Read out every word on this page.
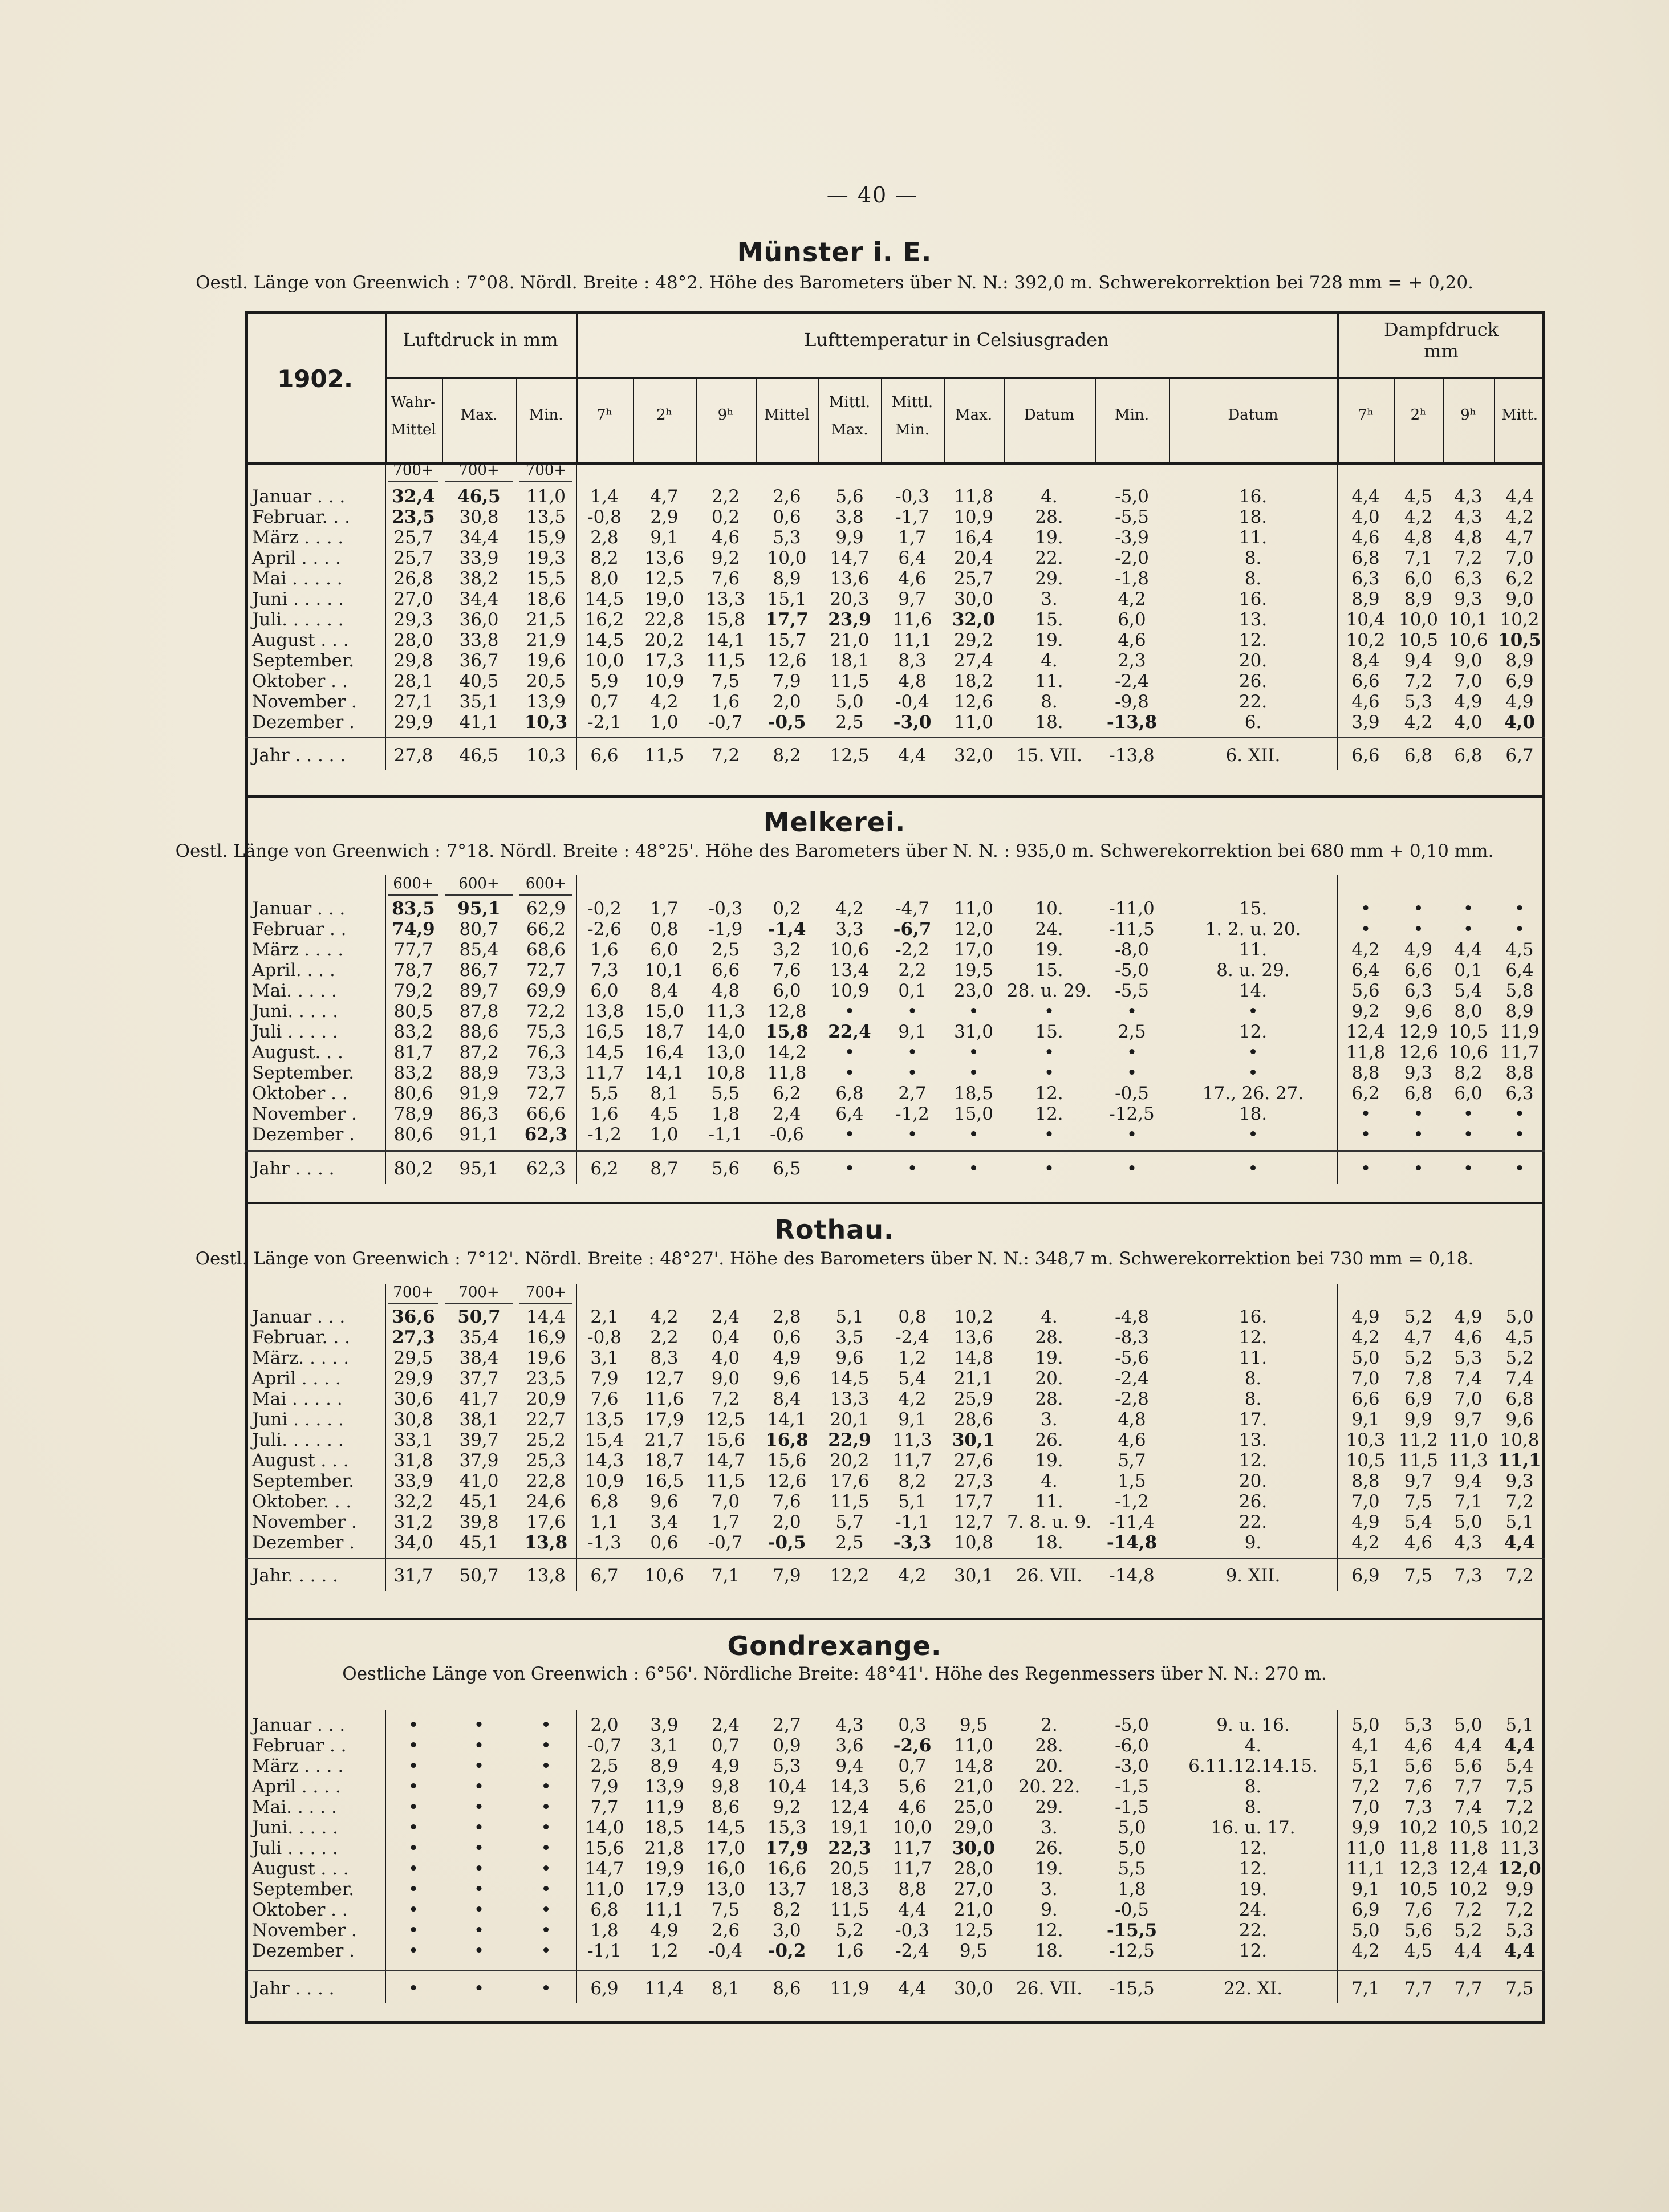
— 40 —
Luftdruck in mm	Lufttemperatur in Celsiusgraden	Dampfdruck
mm
1902.
Wahr-
Mittel
Max.	Min.	7ʰ	2ʰ	9ʰ	Mittel
Mittl.
Max.
Mittl.
Min.
Max.	Datum	Min.	Datum	7ʰ	2ʰ	9ʰ	Mitt.
Münster i. E.
Oestl. Länge von Greenwich : 7°08. Nördl. Breite : 48°2. Höhe des Barometers über N. N.: 392,0 m. Schwerekorrektion bei 728 mm = + 0,20.
700+	700+	700+
Januar . . .	32,4	46,5	11,0	1,4	4,7	2,2	2,6	5,6	-0,3	11,8	4.	-5,0	16.	4,4	4,5	4,3	4,4
Februar. . .	23,5	30,8	13,5	-0,8	2,9	0,2	0,6	3,8	-1,7	10,9	28.	-5,5	18.	4,0	4,2	4,3	4,2
März . . . .	25,7	34,4	15,9	2,8	9,1	4,6	5,3	9,9	1,7	16,4	19.	-3,9	11.	4,6	4,8	4,8	4,7
April . . . .	25,7	33,9	19,3	8,2	13,6	9,2	10,0	14,7	6,4	20,4	22.	-2,0	8.	6,8	7,1	7,2	7,0
Mai . . . . .	26,8	38,2	15,5	8,0	12,5	7,6	8,9	13,6	4,6	25,7	29.	-1,8	8.	6,3	6,0	6,3	6,2
Juni . . . . .	27,0	34,4	18,6	14,5	19,0	13,3	15,1	20,3	9,7	30,0	3.	4,2	16.	8,9	8,9	9,3	9,0
Juli. . . . . .	29,3	36,0	21,5	16,2	22,8	15,8	17,7	23,9	11,6	32,0	15.	6,0	13.	10,4 10,0 10,1 10,2
August . . .	28,0	33,8	21,9	14,5	20,2	14,1	15,7	21,0	11,1	29,2	19.	4,6	12.	10,2 10,5 10,6 10,5
September.	29,8	36,7	19,6	10,0	17,3	11,5	12,6	18,1	8,3	27,4	4.	2,3	20.	8,4	9,4	9,0	8,9
Oktober . .	28,1	40,5	20,5	5,9	10,9	7,5	7,9	11,5	4,8	18,2	11.	-2,4	26.	6,6	7,2	7,0	6,9
November .	27,1	35,1	13,9	0,7	4,2	1,6	2,0	5,0	-0,4	12,6	8.	-9,8	22.	4,6	5,3	4,9	4,9
Dezember .	29,9	41,1	10,3	-2,1	1,0	-0,7	-0,5	2,5	-3,0	11,0	18.	-13,8	6.	3,9	4,2	4,0	4,0
Jahr . . . . .	27,8	46,5	10,3	6,6	11,5	7,2	8,2	12,5	4,4	32,0	15. VII.	-13,8	6. XII.	6,6	6,8	6,8	6,7
Melkerei.
Oestl. Länge von Greenwich : 7°18. Nördl. Breite : 48°25'. Höhe des Barometers über N. N. : 935,0 m. Schwerekorrektion bei 680 mm + 0,10 mm.
600+	600+	600+
Januar . . .	83,5	95,1	62,9	-0,2	1,7	-0,3	0,2	4,2	-4,7	11,0	10.	-11,0	15.	•	•	•	•
Februar . .	74,9	80,7	66,2	-2,6	0,8	-1,9	-1,4	3,3	-6,7	12,0	24.	-11,5	1. 2. u. 20.	•	•	•	•
März . . . .	77,7	85,4	68,6	1,6	6,0	2,5	3,2	10,6	-2,2	17,0	19.	-8,0	11.	4,2	4,9	4,4	4,5
April. . . .	78,7	86,7	72,7	7,3	10,1	6,6	7,6	13,4	2,2	19,5	15.	-5,0	8. u. 29.	6,4	6,6	0,1	6,4
Mai. . . . .	79,2	89,7	69,9	6,0	8,4	4,8	6,0	10,9	0,1	23,0 28. u. 29.	-5,5	14.	5,6	6,3	5,4	5,8
Juni. . . . .	80,5	87,8	72,2	13,8	15,0	11,3	12,8	•	•	•	•	•	•	9,2	9,6	8,0	8,9
Juli . . . . .	83,2	88,6	75,3	16,5	18,7	14,0	15,8	22,4	9,1	31,0	15.	2,5	12.	12,4 12,9 10,5 11,9
August. . .	81,7	87,2	76,3	14,5	16,4	13,0	14,2	•	•	•	•	•	•	11,8 12,6 10,6 11,7
September.	83,2	88,9	73,3	11,7	14,1	10,8	11,8	•	•	•	•	•	•	8,8	9,3	8,2	8,8
Oktober . .	80,6	91,9	72,7	5,5	8,1	5,5	6,2	6,8	2,7	18,5	12.	-0,5	17., 26. 27.	6,2	6,8	6,0	6,3
November .	78,9	86,3	66,6	1,6	4,5	1,8	2,4	6,4	-1,2	15,0	12.	-12,5	18.	•	•	•	•
Dezember .	80,6	91,1	62,3	-1,2	1,0	-1,1	-0,6	•	•	•	•	•	•	•	•	•	•
Jahr . . . .	80,2	95,1	62,3	6,2	8,7	5,6	6,5	•	•	•	•	•	•	•	•	•	•
Rothau.
Oestl. Länge von Greenwich : 7°12'. Nördl. Breite : 48°27'. Höhe des Barometers über N. N.: 348,7 m. Schwerekorrektion bei 730 mm = 0,18.
700+	700+	700+
Januar . . .	36,6	50,7	14,4	2,1	4,2	2,4	2,8	5,1	0,8	10,2	4.	-4,8	16.	4,9	5,2	4,9	5,0
Februar. . .	27,3	35,4	16,9	-0,8	2,2	0,4	0,6	3,5	-2,4	13,6	28.	-8,3	12.	4,2	4,7	4,6	4,5
März. . . . .	29,5	38,4	19,6	3,1	8,3	4,0	4,9	9,6	1,2	14,8	19.	-5,6	11.	5,0	5,2	5,3	5,2
April . . . .	29,9	37,7	23,5	7,9	12,7	9,0	9,6	14,5	5,4	21,1	20.	-2,4	8.	7,0	7,8	7,4	7,4
Mai . . . . .	30,6	41,7	20,9	7,6	11,6	7,2	8,4	13,3	4,2	25,9	28.	-2,8	8.	6,6	6,9	7,0	6,8
Juni . . . . .	30,8	38,1	22,7	13,5	17,9	12,5	14,1	20,1	9,1	28,6	3.	4,8	17.	9,1	9,9	9,7	9,6
Juli. . . . . .	33,1	39,7	25,2	15,4	21,7	15,6	16,8	22,9	11,3	30,1	26.	4,6	13.	10,3 11,2 11,0 10,8
August . . .	31,8	37,9	25,3	14,3	18,7	14,7	15,6	20,2	11,7	27,6	19.	5,7	12.	10,5 11,5 11,3 11,1
September.	33,9	41,0	22,8	10,9	16,5	11,5	12,6	17,6	8,2	27,3	4.	1,5	20.	8,8	9,7	9,4	9,3
Oktober. . .	32,2	45,1	24,6	6,8	9,6	7,0	7,6	11,5	5,1	17,7	11.	-1,2	26.	7,0	7,5	7,1	7,2
November .	31,2	39,8	17,6	1,1	3,4	1,7	2,0	5,7	-1,1	12,7 7. 8. u. 9.	-11,4	22.	4,9	5,4	5,0	5,1
Dezember .	34,0	45,1	13,8	-1,3	0,6	-0,7	-0,5	2,5	-3,3	10,8	18.	-14,8	9.	4,2	4,6	4,3	4,4
Jahr. . . . .	31,7	50,7	13,8	6,7	10,6	7,1	7,9	12,2	4,2	30,1	26. VII.	-14,8	9. XII.	6,9	7,5	7,3	7,2
Gondrexange.
Oestliche Länge von Greenwich : 6°56'. Nördliche Breite: 48°41'. Höhe des Regenmessers über N. N.: 270 m.
Januar . . .	•	•	•	2,0	3,9	2,4	2,7	4,3	0,3	9,5	2.	-5,0	9. u. 16.	5,0	5,3	5,0	5,1
Februar . .	•	•	•	-0,7	3,1	0,7	0,9	3,6	-2,6	11,0	28.	-6,0	4.	4,1	4,6	4,4	4,4
März . . . .	•	•	•	2,5	8,9	4,9	5,3	9,4	0,7	14,8	20.	-3,0	6.11.12.14.15.	5,1	5,6	5,6	5,4
April . . . .	•	•	•	7,9	13,9	9,8	10,4	14,3	5,6	21,0	20. 22.	-1,5	8.	7,2	7,6	7,7	7,5
Mai. . . . .	•	•	•	7,7	11,9	8,6	9,2	12,4	4,6	25,0	29.	-1,5	8.	7,0	7,3	7,4	7,2
Juni. . . . .	•	•	•	14,0	18,5	14,5	15,3	19,1	10,0	29,0	3.	5,0	16. u. 17.	9,9	10,2 10,5 10,2
Juli . . . . .	•	•	•	15,6	21,8	17,0	17,9	22,3	11,7	30,0	26.	5,0	12.	11,0 11,8 11,8 11,3
August . . .	•	•	•	14,7	19,9	16,0	16,6	20,5	11,7	28,0	19.	5,5	12.	11,1 12,3 12,4 12,0
September.	•	•	•	11,0	17,9	13,0	13,7	18,3	8,8	27,0	3.	1,8	19.	9,1	10,5 10,2 9,9
Oktober . .	•	•	•	6,8	11,1	7,5	8,2	11,5	4,4	21,0	9.	-0,5	24.	6,9	7,6	7,2	7,2
November .	•	•	•	1,8	4,9	2,6	3,0	5,2	-0,3	12,5	12.	-15,5	22.	5,0	5,6	5,2	5,3
Dezember .	•	•	•	-1,1	1,2	-0,4	-0,2	1,6	-2,4	9,5	18.	-12,5	12.	4,2	4,5	4,4	4,4
Jahr . . . .	•	•	•	6,9	11,4	8,1	8,6	11,9	4,4	30,0	26. VII.	-15,5	22. XI.	7,1	7,7	7,7	7,5
